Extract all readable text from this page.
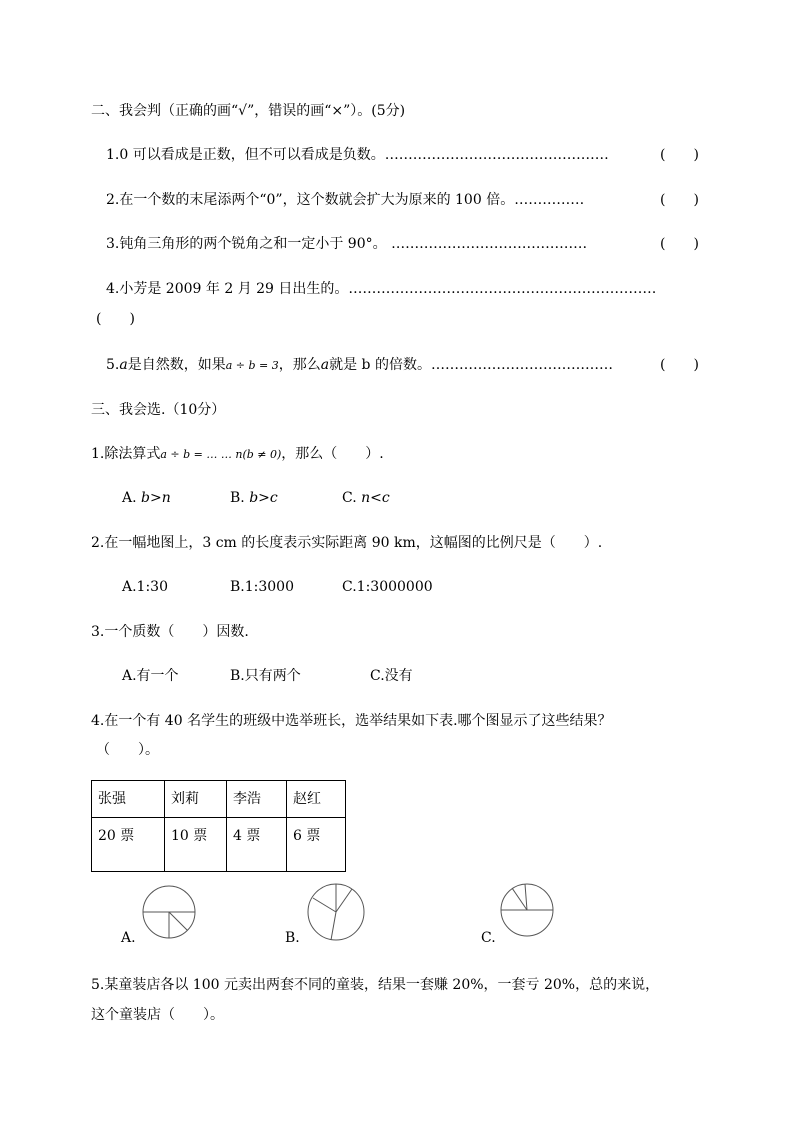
二、我会判（正确的画“√”，错误的画“×”）。(5分)
1.0 可以看成是正数，但不可以看成是负数。…………………………………………	(　　)
2.在一个数的末尾添两个“0”，这个数就会扩大为原来的 100 倍。……………	(　　)
3.钝角三角形的两个锐角之和一定小于 90°。 ……………………………………	(　　)
4.小芳是 2009 年 2 月 29 日出生的。…………………………………………………………
(　　)
5.a是自然数，如果a ÷ b = 3，那么a就是 b 的倍数。…………………………………	(　　)
三、我会选.（10分）
1.除法算式a ÷ b = … … n(b ≠ 0)，那么（　　）.
A. b>n	B. b>c	C. n<c
2.在一幅地图上，3 cm 的长度表示实际距离 90 km，这幅图的比例尺是（　　）.
A.1:30	B.1:3000	C.1:3000000
3.一个质数（　　）因数.
A.有一个	B.只有两个	C.没有
4.在一个有 40 名学生的班级中选举班长，选举结果如下表.哪个图显示了这些结果？
（　　）。
张强	刘莉	李浩	赵红
20 票	10 票	4 票	6 票
A.	B.	C.
5.某童装店各以 100 元卖出两套不同的童装，结果一套赚 20%，一套亏 20%，总的来说，
这个童装店（　　）。
